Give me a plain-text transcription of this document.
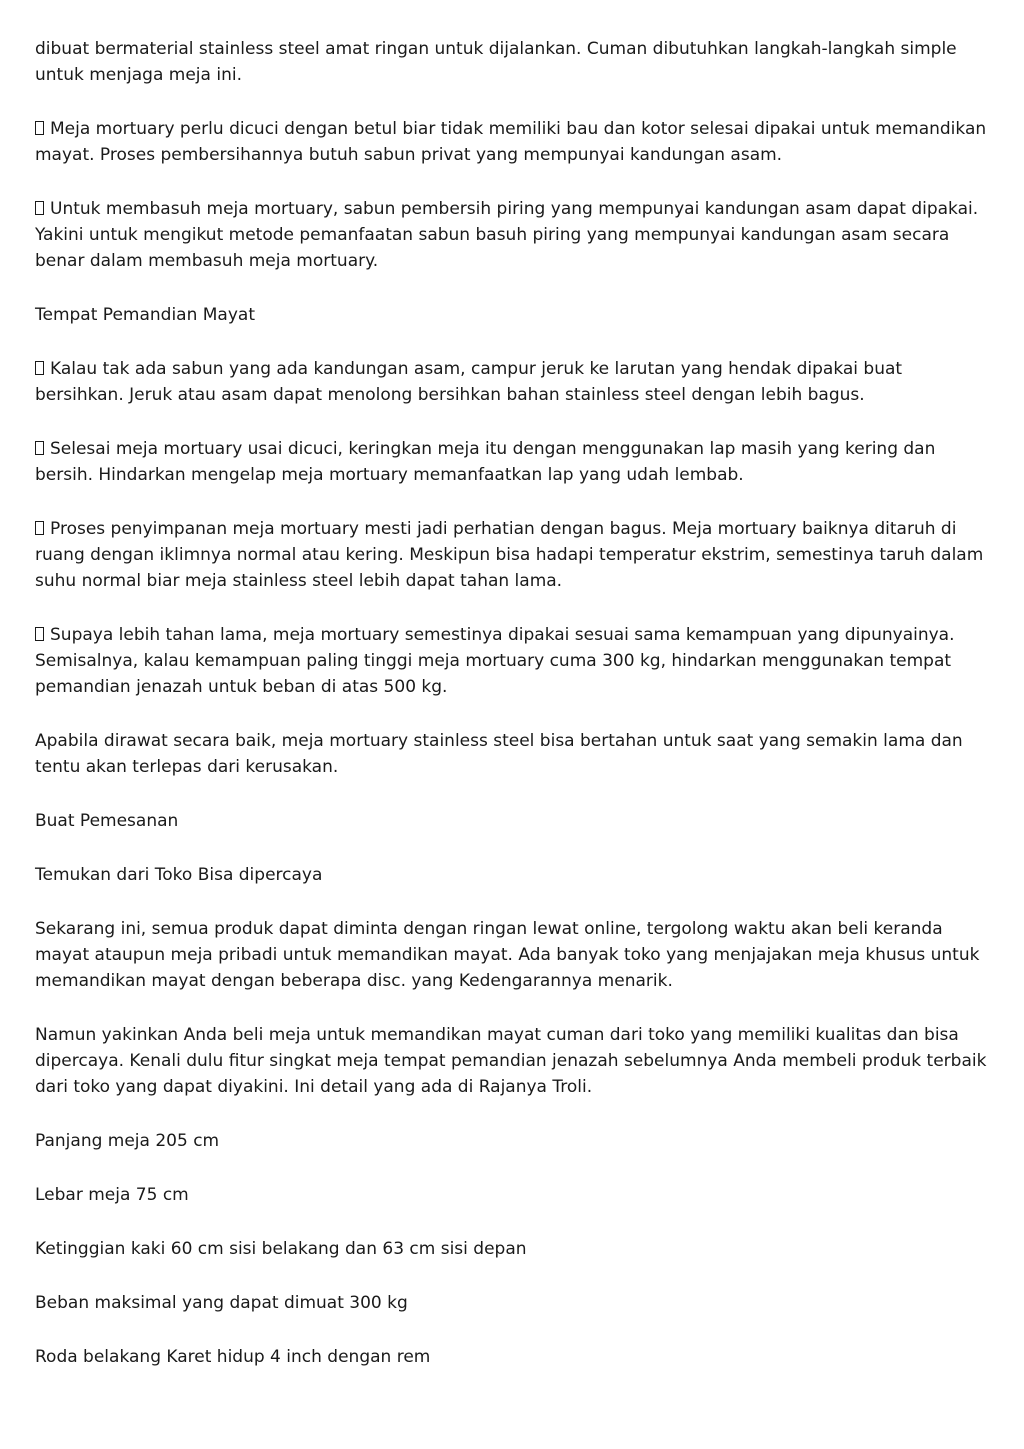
dibuat bermaterial stainless steel amat ringan untuk dijalankan. Cuman dibutuhkan langkah-langkah simple untuk menjaga meja ini.

Meja mortuary perlu dicuci dengan betul biar tidak memiliki bau dan kotor selesai dipakai untuk memandikan mayat. Proses pembersihannya butuh sabun privat yang mempunyai kandungan asam.

Untuk membasuh meja mortuary, sabun pembersih piring yang mempunyai kandungan asam dapat dipakai. Yakini untuk mengikut metode pemanfaatan sabun basuh piring yang mempunyai kandungan asam secara benar dalam membasuh meja mortuary.

Tempat Pemandian Mayat

Kalau tak ada sabun yang ada kandungan asam, campur jeruk ke larutan yang hendak dipakai buat bersihkan. Jeruk atau asam dapat menolong bersihkan bahan stainless steel dengan lebih bagus.

Selesai meja mortuary usai dicuci, keringkan meja itu dengan menggunakan lap masih yang kering dan bersih. Hindarkan mengelap meja mortuary memanfaatkan lap yang udah lembab.

Proses penyimpanan meja mortuary mesti jadi perhatian dengan bagus. Meja mortuary baiknya ditaruh di ruang dengan iklimnya normal atau kering. Meskipun bisa hadapi temperatur ekstrim, semestinya taruh dalam suhu normal biar meja stainless steel lebih dapat tahan lama.

Supaya lebih tahan lama, meja mortuary semestinya dipakai sesuai sama kemampuan yang dipunyainya. Semisalnya, kalau kemampuan paling tinggi meja mortuary cuma 300 kg, hindarkan menggunakan tempat pemandian jenazah untuk beban di atas 500 kg.

Apabila dirawat secara baik, meja mortuary stainless steel bisa bertahan untuk saat yang semakin lama dan tentu akan terlepas dari kerusakan.

Buat Pemesanan

Temukan dari Toko Bisa dipercaya

Sekarang ini, semua produk dapat diminta dengan ringan lewat online, tergolong waktu akan beli keranda mayat ataupun meja pribadi untuk memandikan mayat. Ada banyak toko yang menjajakan meja khusus untuk memandikan mayat dengan beberapa disc. yang Kedengarannya menarik.

Namun yakinkan Anda beli meja untuk memandikan mayat cuman dari toko yang memiliki kualitas dan bisa dipercaya. Kenali dulu fitur singkat meja tempat pemandian jenazah sebelumnya Anda membeli produk terbaik dari toko yang dapat diyakini. Ini detail yang ada di Rajanya Troli.

Panjang meja 205 cm

Lebar meja 75 cm

Ketinggian kaki 60 cm sisi belakang dan 63 cm sisi depan

Beban maksimal yang dapat dimuat 300 kg

Roda belakang Karet hidup 4 inch dengan rem
